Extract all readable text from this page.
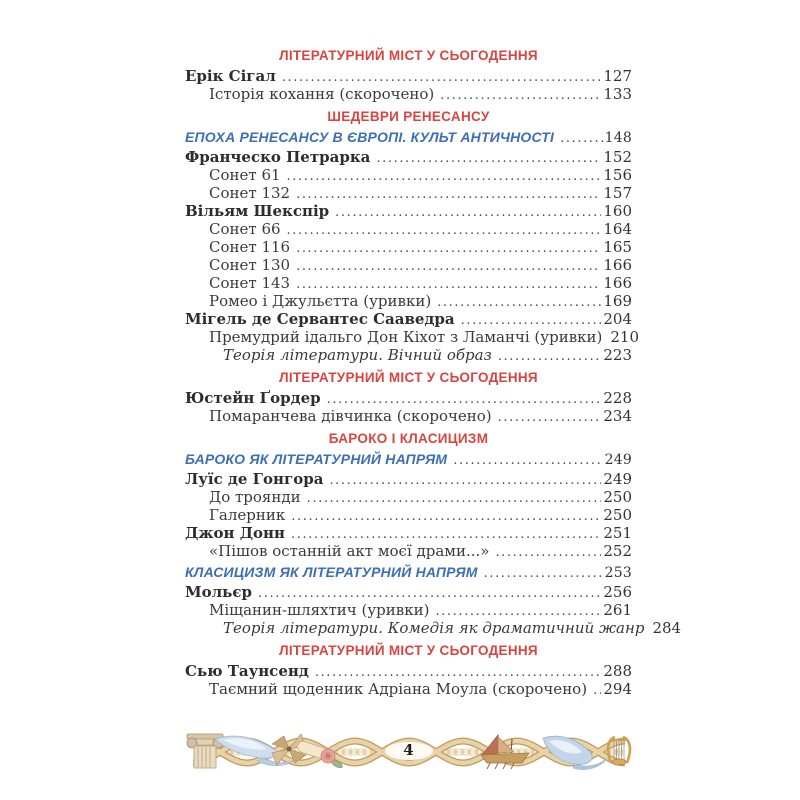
ЛІТЕРАТУРНИЙ МІСТ У СЬОГОДЕННЯ
Ерік Сігал .....	127
Історія кохання (скорочено) .....	133
ШЕДЕВРИ РЕНЕСАНСУ
ЕПОХА РЕНЕСАНСУ В ЄВРОПІ. КУЛЬТ АНТИЧНОСТІ .....	148
Франческо Петрарка .....	152
Сонет 61 .....	156
Сонет 132 .....	157
Вільям Шекспір .....	160
Сонет 66 .....	164
Сонет 116 .....	165
Сонет 130 .....	166
Сонет 143 .....	166
Ромео і Джульєтта (уривки) .....	169
Мігель де Сервантес Сааведра .....	204
Премудрий ідальго Дон Кіхот з Ламанчі (уривки) 210
Теорія літератури. Вічний образ .....	223
ЛІТЕРАТУРНИЙ МІСТ У СЬОГОДЕННЯ
Юстейн Ґордер .....	228
Помаранчева дівчинка (скорочено) .....	234
БАРОКО І КЛАСИЦИЗМ
БАРОКО ЯК ЛІТЕРАТУРНИЙ НАПРЯМ .....	249
Луїс де Гонгора .....	249
До троянди .....	250
Галерник .....	250
Джон Донн .....	251
«Пішов останній акт моєї драми...» .....	252
КЛАСИЦИЗМ ЯК ЛІТЕРАТУРНИЙ НАПРЯМ .....	253
Мольєр .....	256
Міщанин-шляхтич (уривки) .....	261
Теорія літератури. Комедія як драматичний жанр 284
ЛІТЕРАТУРНИЙ МІСТ У СЬОГОДЕННЯ
Сью Таунсенд .....	288
Таємний щоденник Адріана Моула (скорочено) ..... 294
4
